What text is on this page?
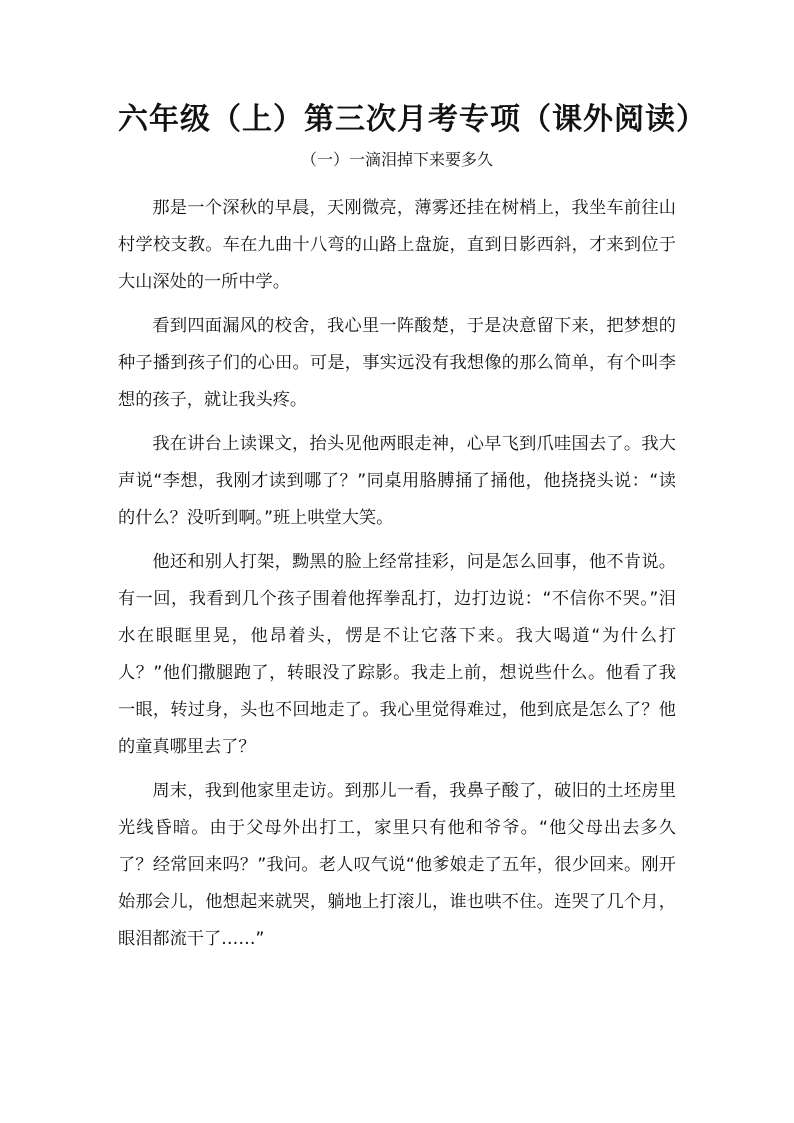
六年级（上）第三次月考专项（课外阅读）
（一）一滴泪掉下来要多久

那是一个深秋的早晨，天刚微亮，薄雾还挂在树梢上，我坐车前往山村学校支教。车在九曲十八弯的山路上盘旋，直到日影西斜，才来到位于大山深处的一所中学。

看到四面漏风的校舍，我心里一阵酸楚，于是决意留下来，把梦想的种子播到孩子们的心田。可是，事实远没有我想像的那么简单，有个叫李想的孩子，就让我头疼。

我在讲台上读课文，抬头见他两眼走神，心早飞到爪哇国去了。我大声说“李想，我刚才读到哪了？”同桌用胳膊捅了捅他，他挠挠头说：“读的什么？没听到啊。”班上哄堂大笑。

他还和别人打架，黝黑的脸上经常挂彩，问是怎么回事，他不肯说。有一回，我看到几个孩子围着他挥拳乱打，边打边说：“不信你不哭。”泪水在眼眶里晃，他昂着头，愣是不让它落下来。我大喝道“为什么打人？”他们撒腿跑了，转眼没了踪影。我走上前，想说些什么。他看了我一眼，转过身，头也不回地走了。我心里觉得难过，他到底是怎么了？他的童真哪里去了？

周末，我到他家里走访。到那儿一看，我鼻子酸了，破旧的土坯房里光线昏暗。由于父母外出打工，家里只有他和爷爷。“他父母出去多久了？经常回来吗？”我问。老人叹气说“他爹娘走了五年，很少回来。刚开始那会儿，他想起来就哭，躺地上打滚儿，谁也哄不住。连哭了几个月，眼泪都流干了……”
